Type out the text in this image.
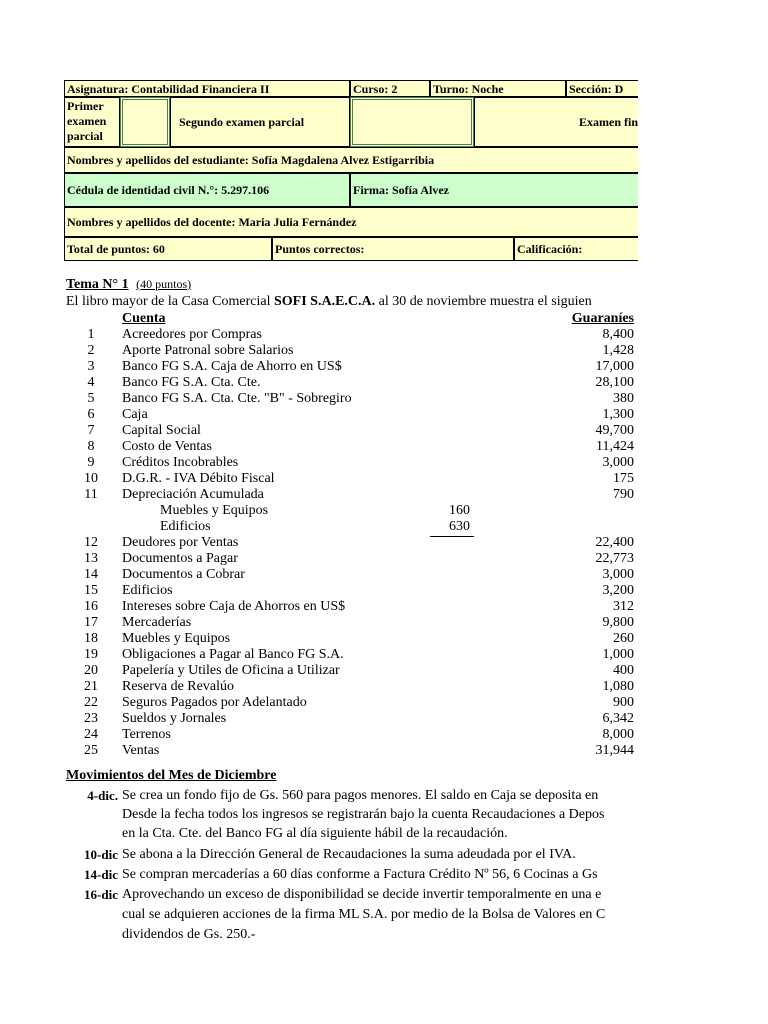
Asignatura: Contabilidad Financiera II	Curso: 2	Turno: Noche	Sección: D
Primer
examen
parcial
Segundo examen parcial	Examen fin
Nombres y apellidos del estudiante: Sofía Magdalena Alvez Estigarribia
Cédula de identidad civil N.°: 5.297.106	Firma: Sofía Alvez
Nombres y apellidos del docente: Maria Julia Fernández
Total de puntos: 60	Puntos correctos:	Calificación:
Tema N° 1 (40 puntos)
El libro mayor de la Casa Comercial SOFI S.A.E.C.A. al 30 de noviembre muestra el siguien
Cuenta	Guaraníes
1	Acreedores por Compras	8,400
2	Aporte Patronal sobre Salarios	1,428
3	Banco FG S.A. Caja de Ahorro en US$	17,000
4	Banco FG S.A. Cta. Cte.	28,100
5	Banco FG S.A. Cta. Cte. "B" - Sobregiro	380
6	Caja	1,300
7	Capital Social	49,700
8	Costo de Ventas	11,424
9	Créditos Incobrables	3,000
10	D.G.R. - IVA Débito Fiscal	175
11	Depreciación Acumulada	790
Muebles y Equipos	160
Edificios	630
12	Deudores por Ventas	22,400
13	Documentos a Pagar	22,773
14	Documentos a Cobrar	3,000
15	Edificios	3,200
16	Intereses sobre Caja de Ahorros en US$	312
17	Mercaderías	9,800
18	Muebles y Equipos	260
19	Obligaciones a Pagar al Banco FG S.A.	1,000
20	Papelería y Utiles de Oficina a Utilizar	400
21	Reserva de Revalúo	1,080
22	Seguros Pagados por Adelantado	900
23	Sueldos y Jornales	6,342
24	Terrenos	8,000
25	Ventas	31,944
Movimientos del Mes de Diciembre
4-dic. Se crea un fondo fijo de Gs. 560 para pagos menores. El saldo en Caja se deposita en
Desde la fecha todos los ingresos se registrarán bajo la cuenta Recaudaciones a Depos
en la Cta. Cte. del Banco FG al día siguiente hábil de la recaudación.
10-dic Se abona a la Dirección General de Recaudaciones la suma adeudada por el IVA.
14-dic Se compran mercaderías a 60 días conforme a Factura Crédito Nº 56, 6 Cocinas a Gs
16-dic Aprovechando un exceso de disponibilidad se decide invertir temporalmente en una e
cual se adquieren acciones de la firma ML S.A. por medio de la Bolsa de Valores en C
dividendos de Gs. 250.-
